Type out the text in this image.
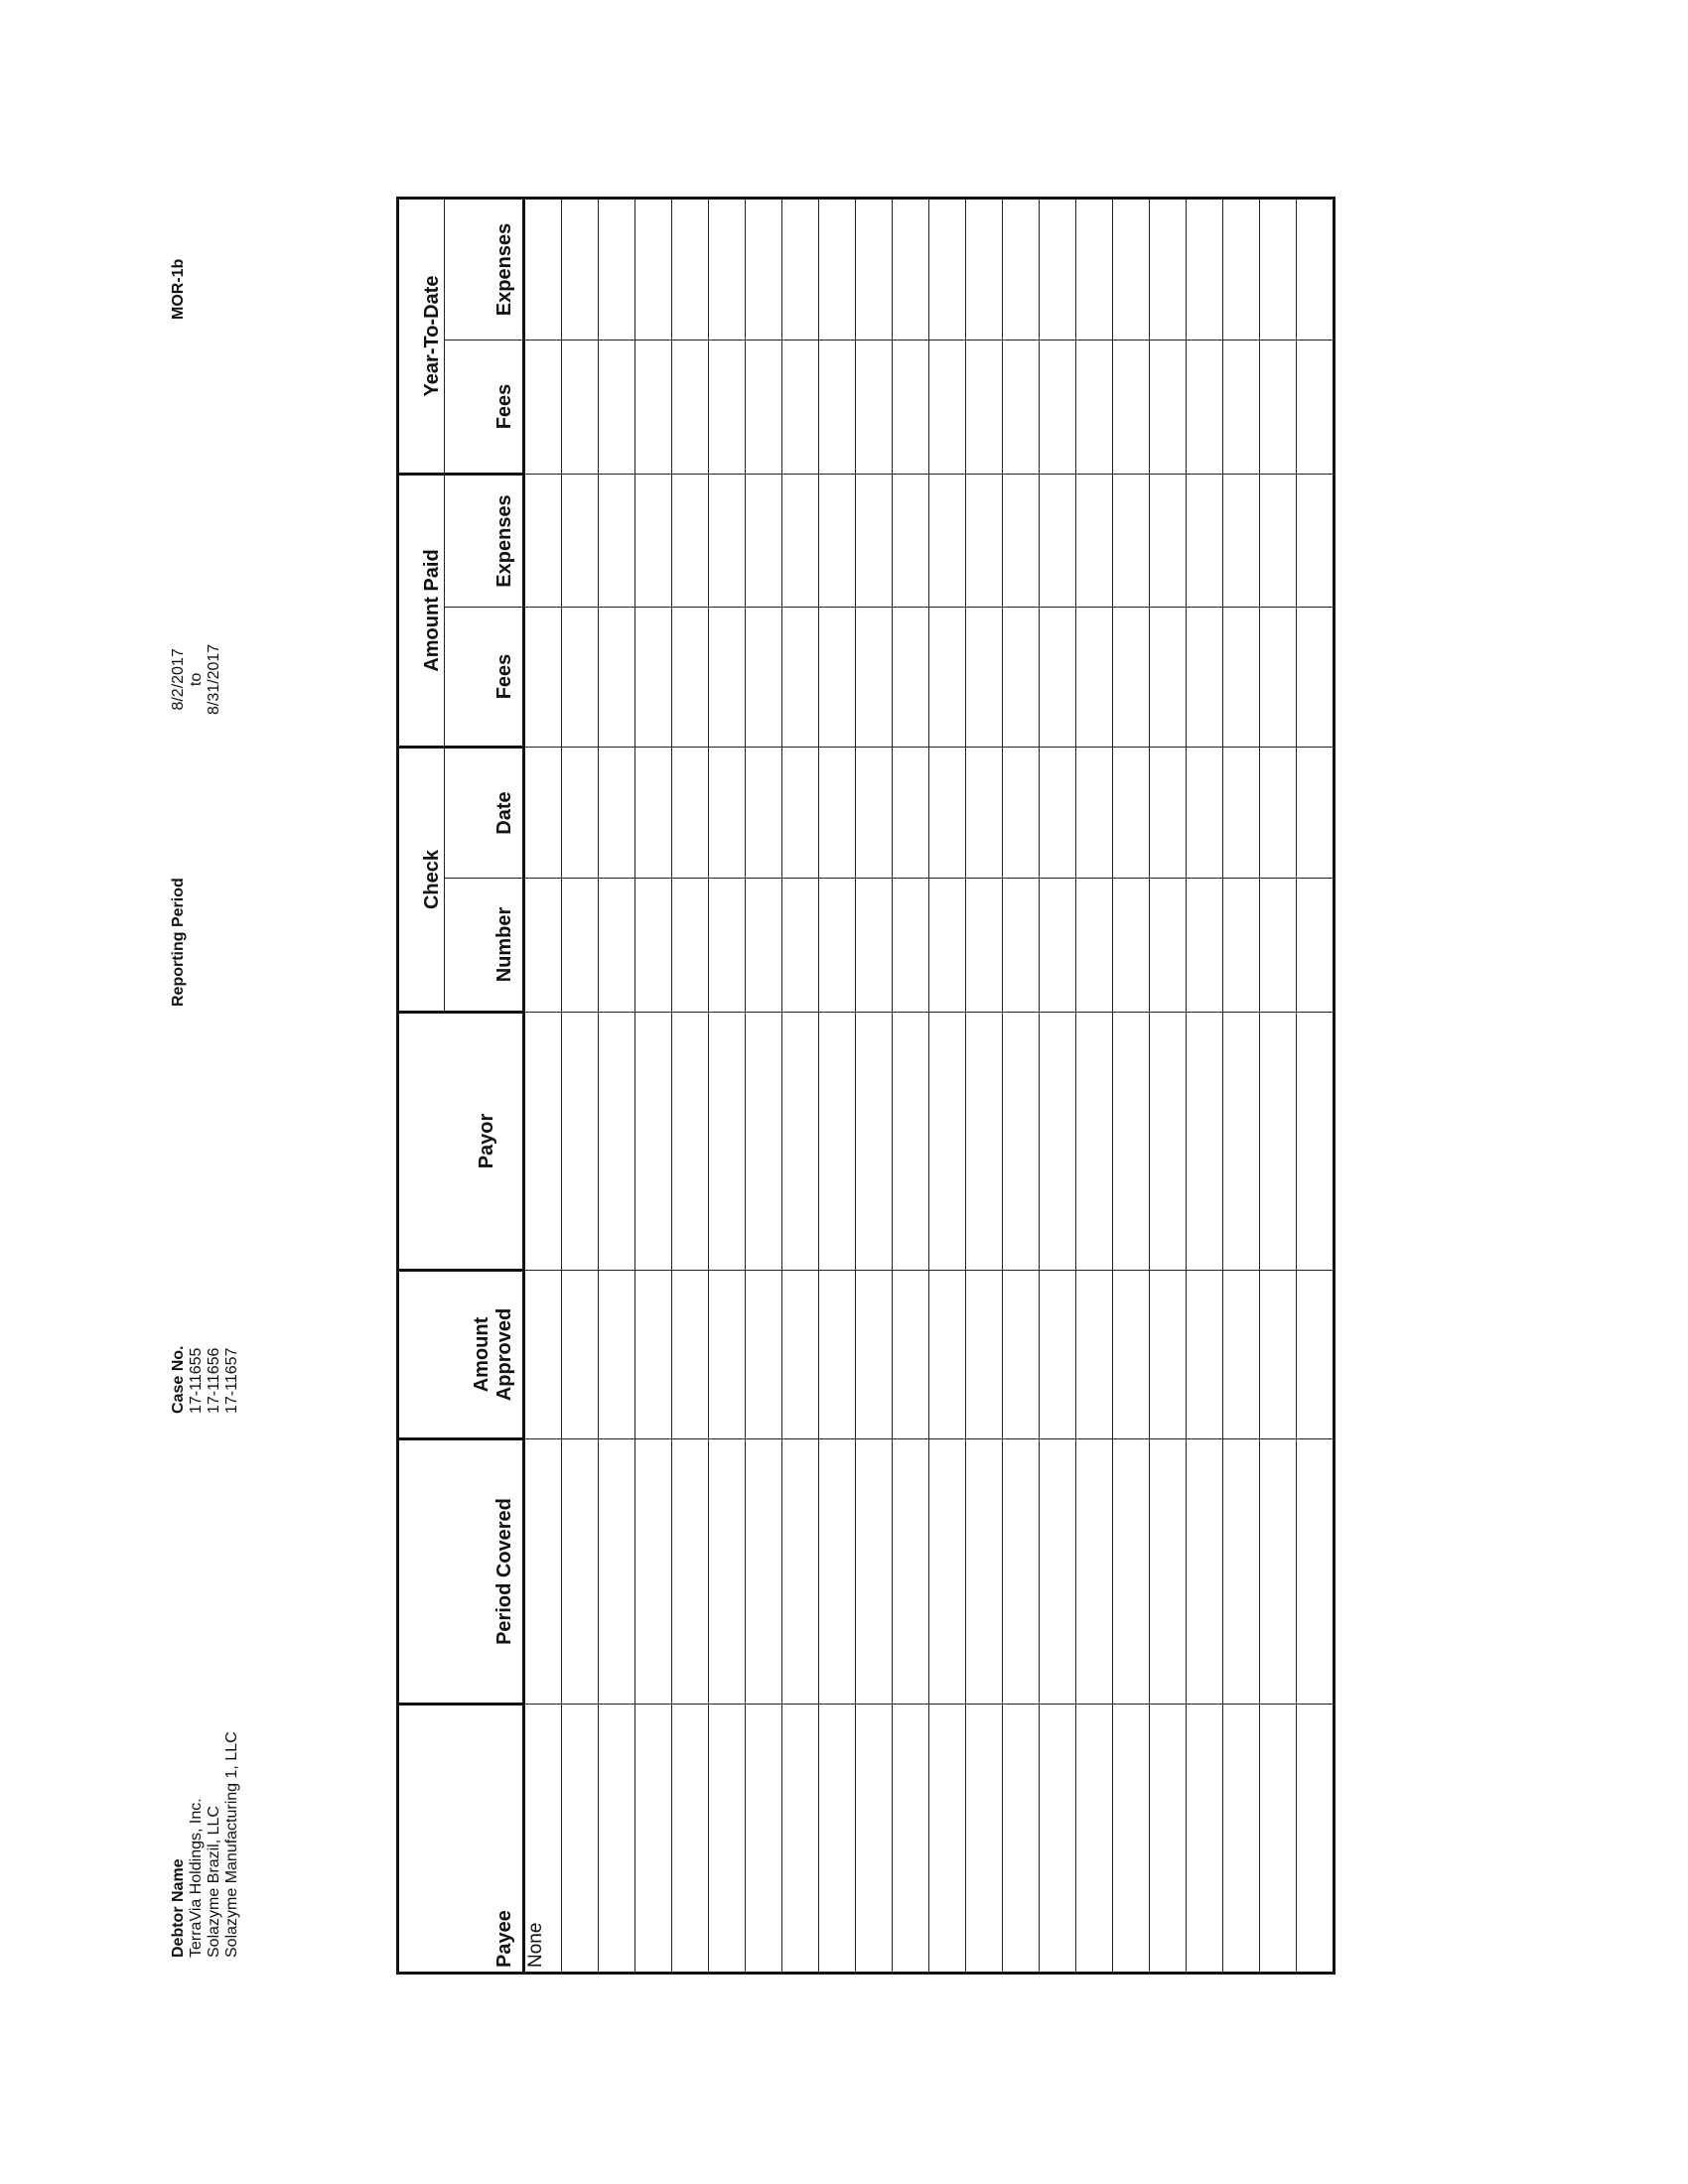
Debtor Name TerraVia Holdings, Inc. Solazyme Brazil, LLC Solazyme Manufacturing 1, LLC
Case No. 17-11655 17-11656 17-11657
Reporting Period
8/2/2017 to 8/31/2017
MOR-1b
Payee	Period Covered	Amount Approved	Payor	Check		Amount Paid		Year-To-Date	
				Number	Date	Fees	Expenses	Fees	Expenses
None									
